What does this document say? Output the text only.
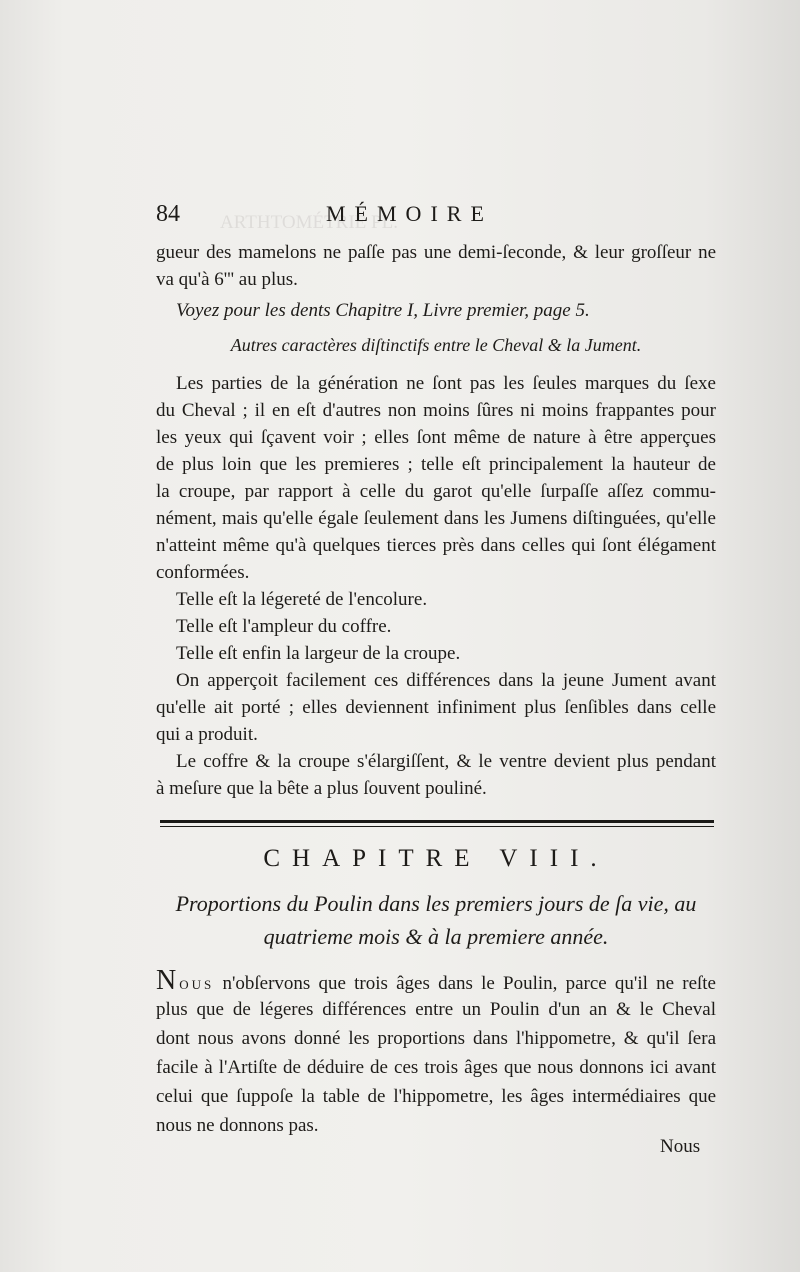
ARTHTOMÉTRIE PL.
84	MÉMOIRE
gueur des mamelons ne paſſe pas une demi-ſeconde, & leur groſſeur ne
va qu'à 6''' au plus.
Voyez pour les dents Chapitre I, Livre premier, page 5.
Autres caractères diſtinctifs entre le Cheval & la Jument.
Les parties de la génération ne ſont pas les ſeules marques du ſexe
du Cheval ; il en eſt d'autres non moins ſûres ni moins frappantes pour
les yeux qui ſçavent voir ; elles ſont même de nature à être apperçues
de plus loin que les premieres ; telle eſt principalement la hauteur de
la croupe, par rapport à celle du garot qu'elle ſurpaſſe aſſez commu-
nément, mais qu'elle égale ſeulement dans les Jumens diſtinguées, qu'elle
n'atteint même qu'à quelques tierces près dans celles qui ſont élégament
conformées.
Telle eſt la légereté de l'encolure.
Telle eſt l'ampleur du coffre.
Telle eſt enfin la largeur de la croupe.
On apperçoit facilement ces différences dans la jeune Jument avant
qu'elle ait porté ; elles deviennent infiniment plus ſenſibles dans celle
qui a produit.
Le coffre & la croupe s'élargiſſent, & le ventre devient plus pendant
à meſure que la bête a plus ſouvent pouliné.
CHAPITRE VIII.
Proportions du Poulin dans les premiers jours de ſa vie, au
quatrieme mois & à la premiere année.
Nous n'obſervons que trois âges dans le Poulin, parce qu'il ne reſte
plus que de légeres différences entre un Poulin d'un an & le Cheval
dont nous avons donné les proportions dans l'hippometre, & qu'il ſera
facile à l'Artiſte de déduire de ces trois âges que nous donnons ici avant
celui que ſuppoſe la table de l'hippometre, les âges intermédiaires que
nous ne donnons pas.
Nous
